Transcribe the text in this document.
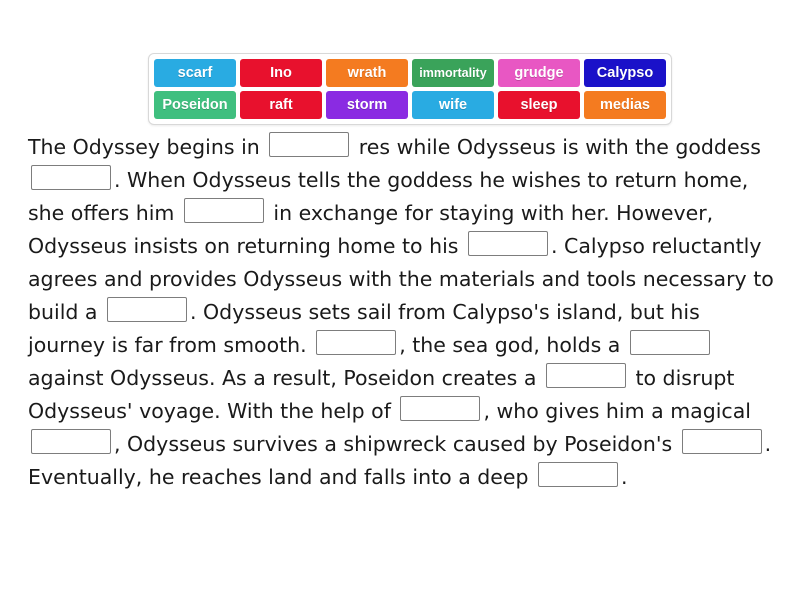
scarf	Ino	wrath	immortality	grudge	Calypso
Poseidon	raft	storm	wife	sleep	medias
The Odyssey begins in	res while Odysseus is with the goddess . When Odysseus tells the goddess he wishes to return home, she offers him	in exchange for staying with her. However, Odysseus insists on returning home to his	. Calypso reluctantly agrees and provides Odysseus with the materials and tools necessary to build a	. Odysseus sets sail from Calypso's island, but his journey is far from smooth.	, the sea god, holds a	against Odysseus. As a result, Poseidon creates a	to disrupt Odysseus' voyage. With the help of	, who gives him a magical , Odysseus survives a shipwreck caused by Poseidon's	. Eventually, he reaches land and falls into a deep	.
